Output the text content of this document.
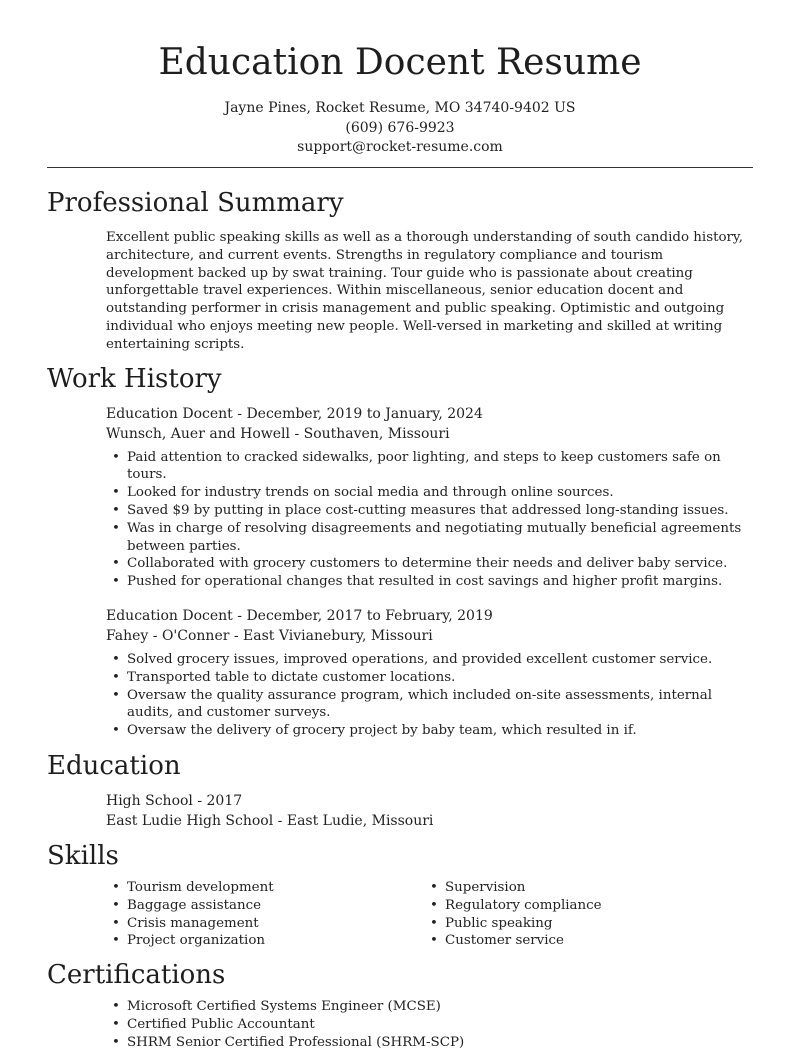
Education Docent Resume
Jayne Pines, Rocket Resume, MO 34740-9402 US
(609) 676-9923
support@rocket-resume.com
Professional Summary
Excellent public speaking skills as well as a thorough understanding of south candido history, architecture, and current events. Strengths in regulatory compliance and tourism development backed up by swat training. Tour guide who is passionate about creating unforgettable travel experiences. Within miscellaneous, senior education docent and outstanding performer in crisis management and public speaking. Optimistic and outgoing individual who enjoys meeting new people. Well-versed in marketing and skilled at writing entertaining scripts.
Work History
Education Docent - December, 2019 to January, 2024
Wunsch, Auer and Howell - Southaven, Missouri
• Paid attention to cracked sidewalks, poor lighting, and steps to keep customers safe on tours.
• Looked for industry trends on social media and through online sources.
• Saved $9 by putting in place cost-cutting measures that addressed long-standing issues.
• Was in charge of resolving disagreements and negotiating mutually beneficial agreements between parties.
• Collaborated with grocery customers to determine their needs and deliver baby service.
• Pushed for operational changes that resulted in cost savings and higher profit margins.
Education Docent - December, 2017 to February, 2019
Fahey - O'Conner - East Vivianebury, Missouri
• Solved grocery issues, improved operations, and provided excellent customer service.
• Transported table to dictate customer locations.
• Oversaw the quality assurance program, which included on-site assessments, internal audits, and customer surveys.
• Oversaw the delivery of grocery project by baby team, which resulted in if.
Education
High School - 2017
East Ludie High School - East Ludie, Missouri
Skills
• Tourism development
• Baggage assistance
• Crisis management
• Project organization
• Supervision
• Regulatory compliance
• Public speaking
• Customer service
Certifications
• Microsoft Certified Systems Engineer (MCSE)
• Certified Public Accountant
• SHRM Senior Certified Professional (SHRM-SCP)
